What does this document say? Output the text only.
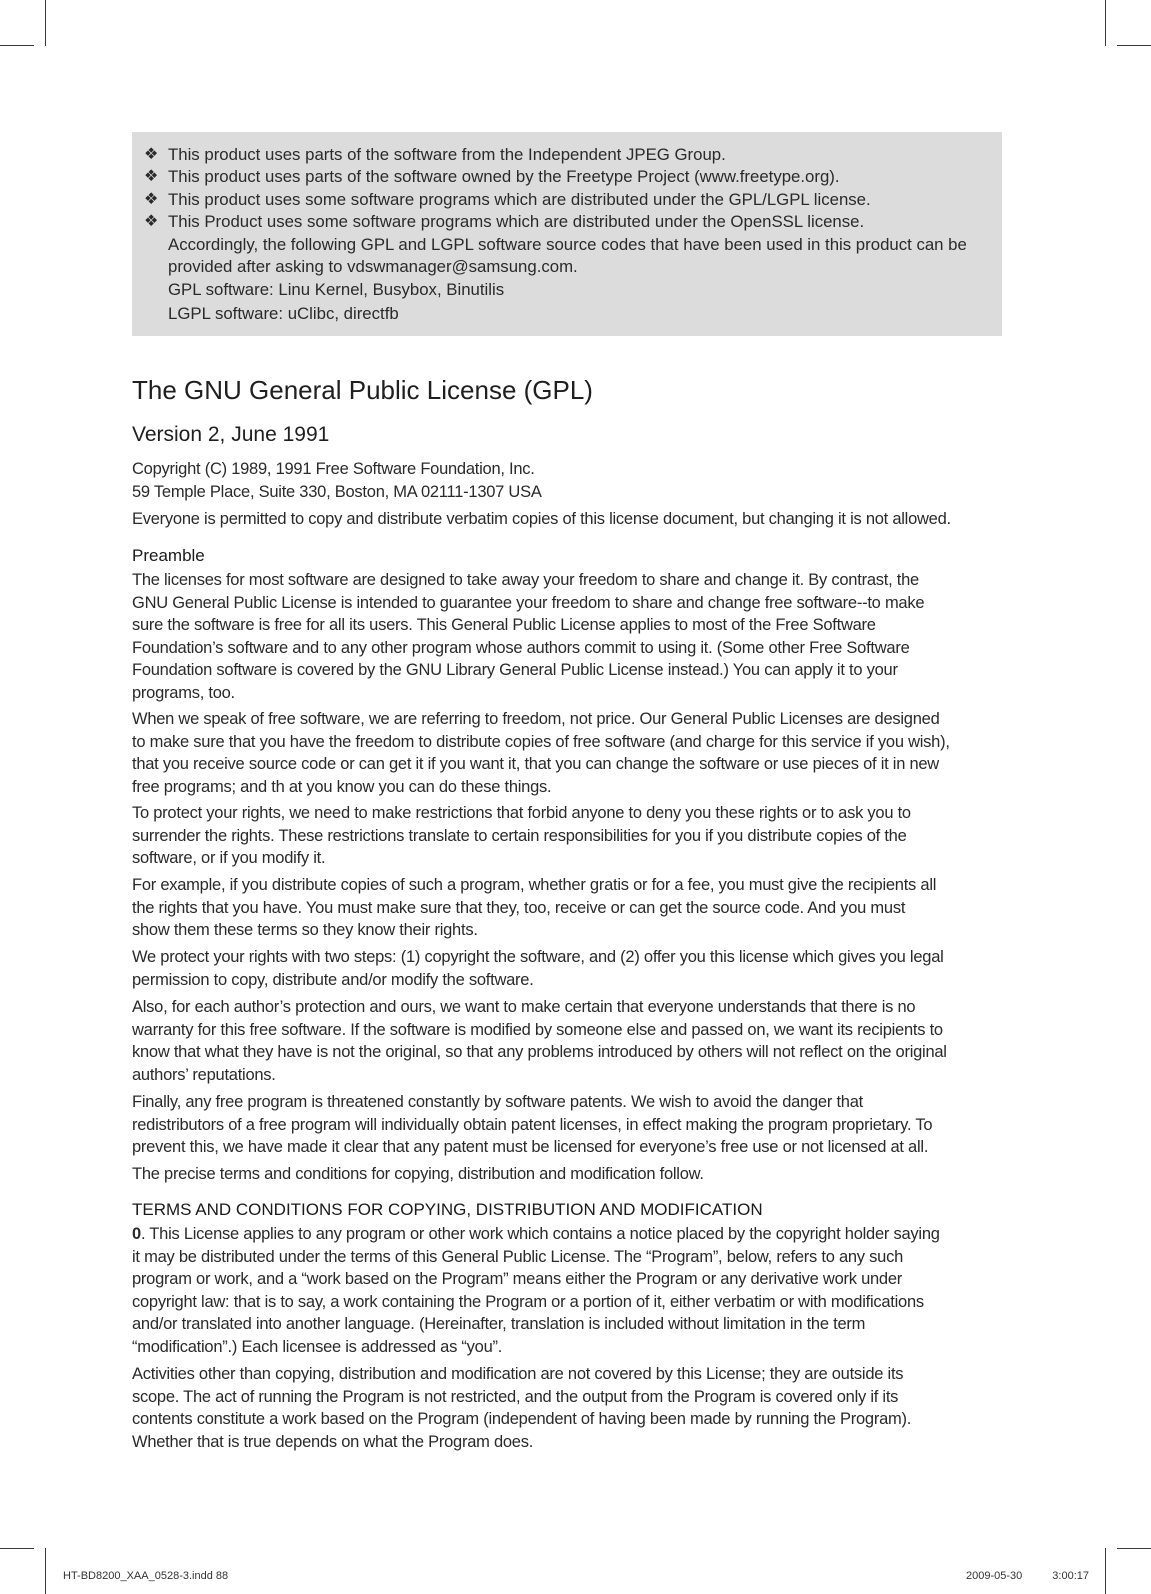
❖ This product uses parts of the software from the Independent JPEG Group.
❖ This product uses parts of the software owned by the Freetype Project (www.freetype.org).
❖ This product uses some software programs which are distributed under the GPL/LGPL license.
❖ This Product uses some software programs which are distributed under the OpenSSL license.
Accordingly, the following GPL and LGPL software source codes that have been used in this product can be
provided after asking to vdswmanager@samsung.com.
GPL software: Linu Kernel, Busybox, Binutilis
LGPL software: uClibc, directfb
The GNU General Public License (GPL)
Version 2, June 1991
Copyright (C) 1989, 1991 Free Software Foundation, Inc.
59 Temple Place, Suite 330, Boston, MA 02111-1307 USA
Everyone is permitted to copy and distribute verbatim copies of this license document, but changing it is not allowed.
Preamble
The licenses for most software are designed to take away your freedom to share and change it. By contrast, the
GNU General Public License is intended to guarantee your freedom to share and change free software--to make
sure the software is free for all its users. This General Public License applies to most of the Free Software
Foundation’s software and to any other program whose authors commit to using it. (Some other Free Software
Foundation software is covered by the GNU Library General Public License instead.) You can apply it to your
programs, too.
When we speak of free software, we are referring to freedom, not price. Our General Public Licenses are designed
to make sure that you have the freedom to distribute copies of free software (and charge for this service if you wish),
that you receive source code or can get it if you want it, that you can change the software or use pieces of it in new
free programs; and th at you know you can do these things.
To protect your rights, we need to make restrictions that forbid anyone to deny you these rights or to ask you to
surrender the rights. These restrictions translate to certain responsibilities for you if you distribute copies of the
software, or if you modify it.
For example, if you distribute copies of such a program, whether gratis or for a fee, you must give the recipients all
the rights that you have. You must make sure that they, too, receive or can get the source code. And you must
show them these terms so they know their rights.
We protect your rights with two steps: (1) copyright the software, and (2) offer you this license which gives you legal
permission to copy, distribute and/or modify the software.
Also, for each author’s protection and ours, we want to make certain that everyone understands that there is no
warranty for this free software. If the software is modified by someone else and passed on, we want its recipients to
know that what they have is not the original, so that any problems introduced by others will not reflect on the original
authors’ reputations.
Finally, any free program is threatened constantly by software patents. We wish to avoid the danger that
redistributors of a free program will individually obtain patent licenses, in effect making the program proprietary. To
prevent this, we have made it clear that any patent must be licensed for everyone’s free use or not licensed at all.
The precise terms and conditions for copying, distribution and modification follow.
TERMS AND CONDITIONS FOR COPYING, DISTRIBUTION AND MODIFICATION
0. This License applies to any program or other work which contains a notice placed by the copyright holder saying
it may be distributed under the terms of this General Public License. The “Program”, below, refers to any such
program or work, and a “work based on the Program” means either the Program or any derivative work under
copyright law: that is to say, a work containing the Program or a portion of it, either verbatim or with modifications
and/or translated into another language. (Hereinafter, translation is included without limitation in the term
“modification”.) Each licensee is addressed as “you”.
Activities other than copying, distribution and modification are not covered by this License; they are outside its
scope. The act of running the Program is not restricted, and the output from the Program is covered only if its
contents constitute a work based on the Program (independent of having been made by running the Program).
Whether that is true depends on what the Program does.
HT-BD8200_XAA_0528-3.indd 88	2009-05-30	3:00:17
